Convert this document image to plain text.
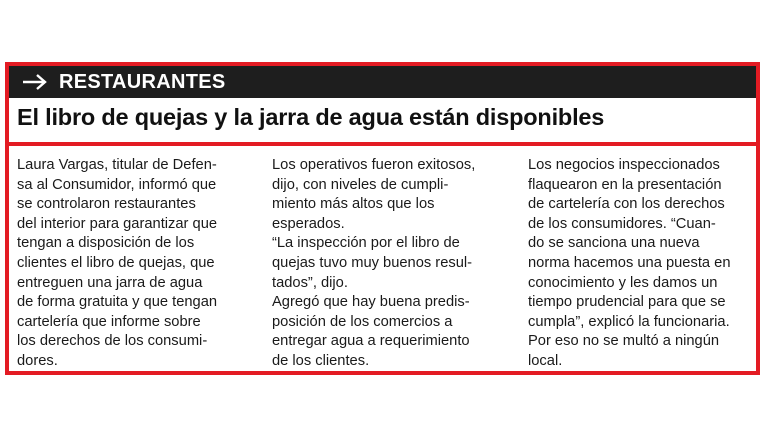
RESTAURANTES
El libro de quejas y la jarra de agua están disponibles

Laura Vargas, titular de Defen-
sa al Consumidor, informó que
se controlaron restaurantes
del interior para garantizar que
tengan a disposición de los
clientes el libro de quejas, que
entreguen una jarra de agua
de forma gratuita y que tengan
cartelería que informe sobre
los derechos de los consumi-
dores.

Los operativos fueron exitosos,
dijo, con niveles de cumpli-
miento más altos que los
esperados.
“La inspección por el libro de
quejas tuvo muy buenos resul-
tados”, dijo.
Agregó que hay buena predis-
posición de los comercios a
entregar agua a requerimiento
de los clientes.

Los negocios inspeccionados
flaquearon en la presentación
de cartelería con los derechos
de los consumidores. “Cuan-
do se sanciona una nueva
norma hacemos una puesta en
conocimiento y les damos un
tiempo prudencial para que se
cumpla”, explicó la funcionaria.
Por eso no se multó a ningún
local.
